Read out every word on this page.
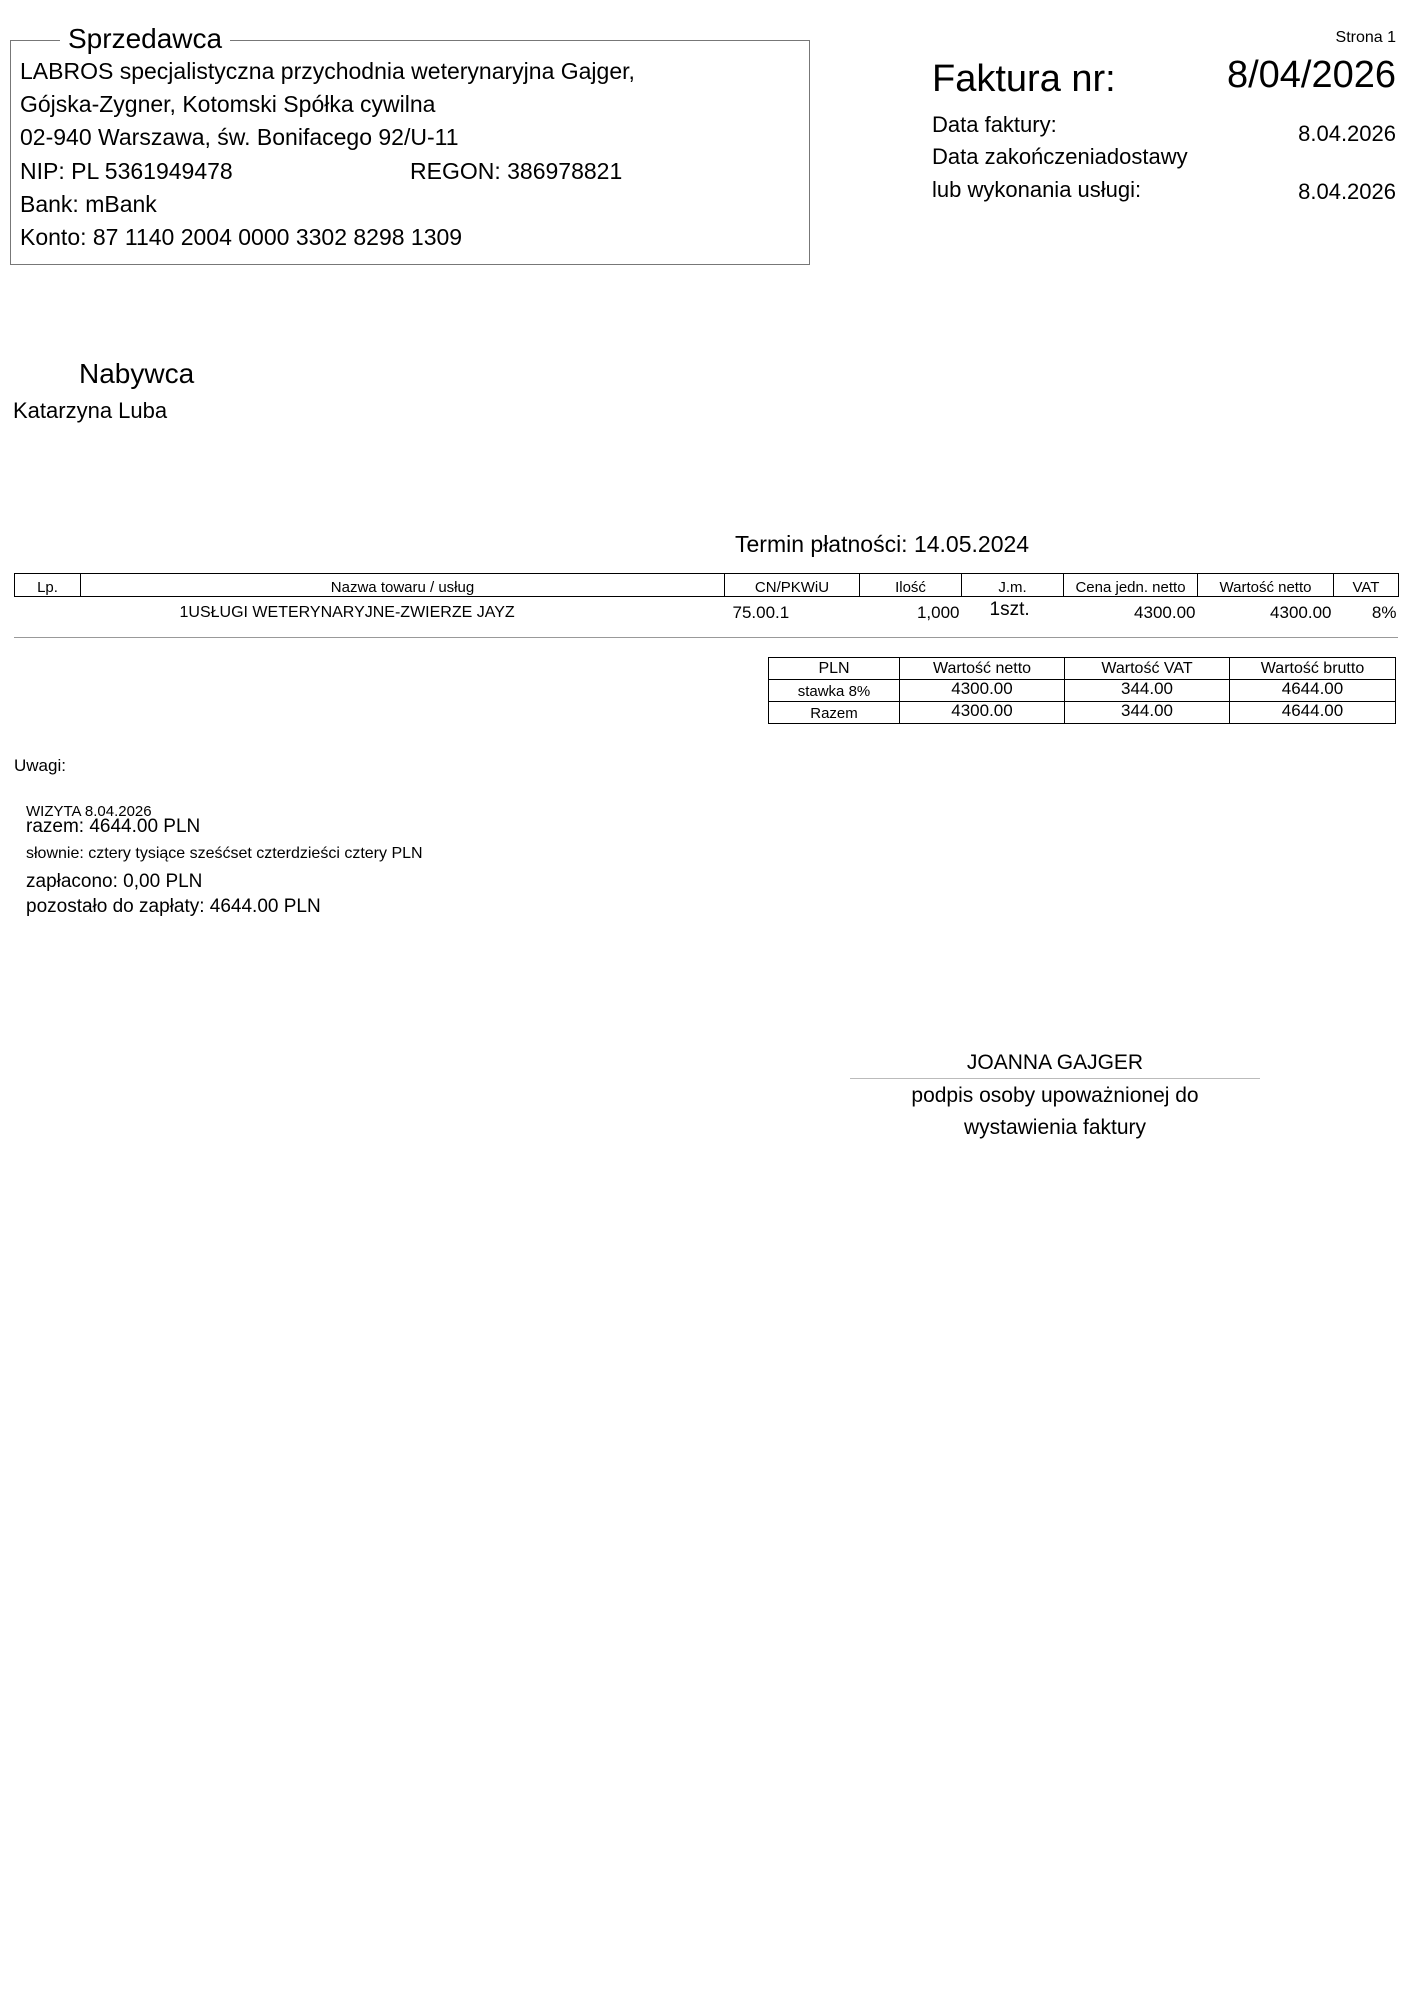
LABROS specjalistyczna przychodnia weterynaryjna Gajger,
Gójska-Zygner, Kotomski Spółka cywilna
02-940 Warszawa, św. Bonifacego 92/U-11
NIP: PL 5361949478	REGON: 386978821
Bank: mBank
Konto: 87 1140 2004 0000 3302 8298 1309
Sprzedawca	Strona 1
Faktura nr:	8/04/2026
Data faktury:	8.04.2026
Data zakończeniadostawy
lub wykonania usługi:	8.04.2026
Nabywca
Katarzyna Luba
Termin płatności: 14.05.2024
Lp.	Nazwa towaru / usług	CN/PKWiU	Ilość	J.m.	Cena jedn. netto	Wartość netto	VAT
1USŁUGI WETERYNARYJNE-ZWIERZE JAYZ		75.00.1	1,000	1szt.	4300.00	4300.00	8%
PLN	Wartość netto	Wartość VAT	Wartość brutto
stawka 8%	4300.00	344.00	4644.00
Razem	4300.00	344.00	4644.00
Uwagi:
WIZYTA 8.04.2026
razem: 4644.00 PLN
słownie: cztery tysiące sześćset czterdzieści cztery PLN
zapłacono: 0,00 PLN
pozostało do zapłaty: 4644.00 PLN
JOANNA GAJGER
podpis osoby upoważnionej do
wystawienia faktury
